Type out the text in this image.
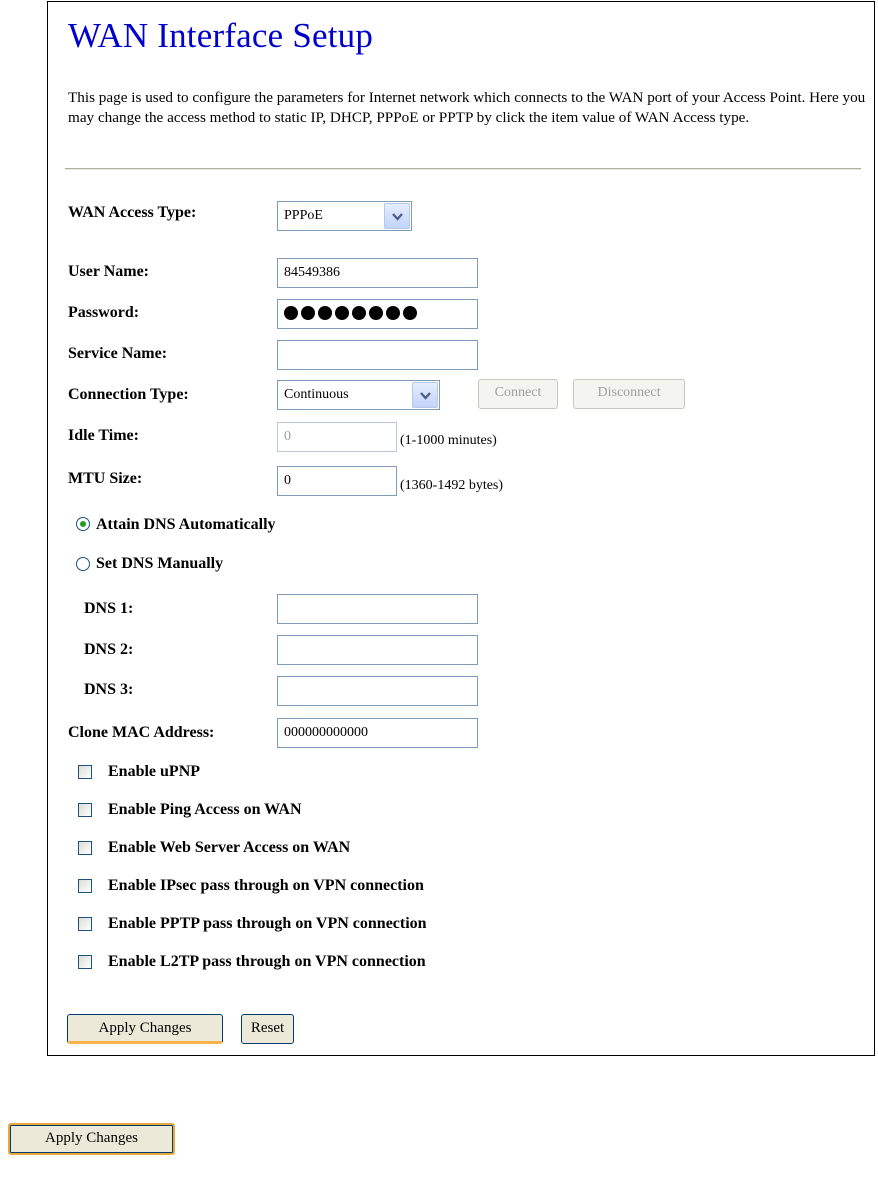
WAN Interface Setup

This page is used to configure the parameters for Internet network which connects to the WAN port of your Access Point. Here you may change the access method to static IP, DHCP, PPPoE or PPTP by click the item value of WAN Access type.

WAN Access Type:	PPPoE
User Name:	84549386
Password:
Service Name:
Connection Type:	Continuous	Connect	Disconnect
Idle Time:	0	(1-1000 minutes)
MTU Size:	0	(1360-1492 bytes)
Attain DNS Automatically
Set DNS Manually
DNS 1:
DNS 2:
DNS 3:
Clone MAC Address:	000000000000
Enable uPNP
Enable Ping Access on WAN
Enable Web Server Access on WAN
Enable IPsec pass through on VPN connection
Enable PPTP pass through on VPN connection
Enable L2TP pass through on VPN connection
Apply Changes	Reset
Apply Changes
